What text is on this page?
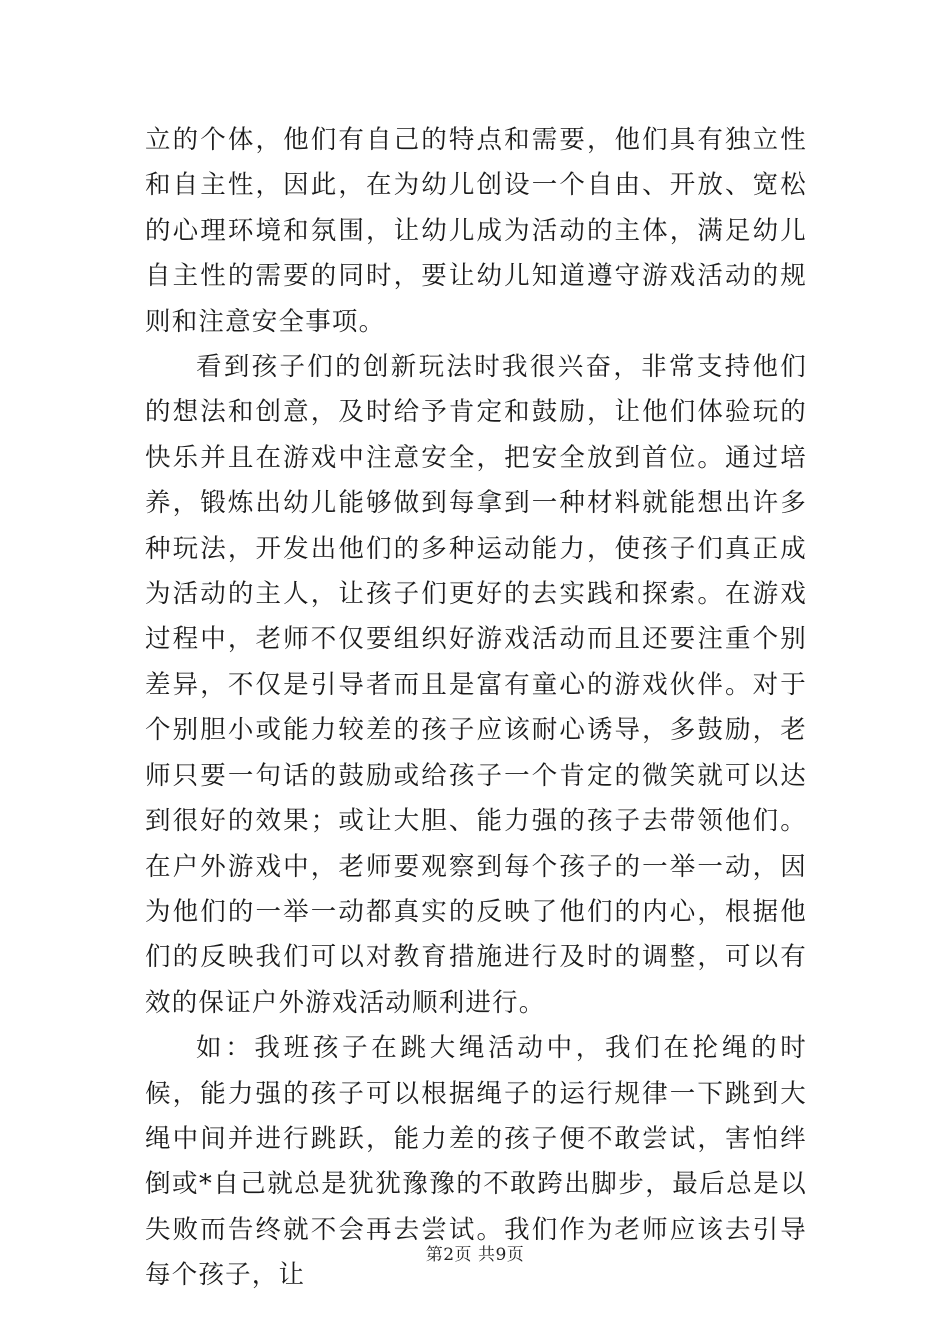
立的个体，他们有自己的特点和需要，他们具有独立性和自主性，因此，在为幼儿创设一个自由、开放、宽松的心理环境和氛围，让幼儿成为活动的主体，满足幼儿自主性的需要的同时，要让幼儿知道遵守游戏活动的规则和注意安全事项。

看到孩子们的创新玩法时我很兴奋，非常支持他们的想法和创意，及时给予肯定和鼓励，让他们体验玩的快乐并且在游戏中注意安全，把安全放到首位。通过培养，锻炼出幼儿能够做到每拿到一种材料就能想出许多种玩法，开发出他们的多种运动能力，使孩子们真正成为活动的主人，让孩子们更好的去实践和探索。在游戏过程中，老师不仅要组织好游戏活动而且还要注重个别差异，不仅是引导者而且是富有童心的游戏伙伴。对于个别胆小或能力较差的孩子应该耐心诱导，多鼓励，老师只要一句话的鼓励或给孩子一个肯定的微笑就可以达到很好的效果；或让大胆、能力强的孩子去带领他们。在户外游戏中，老师要观察到每个孩子的一举一动，因为他们的一举一动都真实的反映了他们的内心，根据他们的反映我们可以对教育措施进行及时的调整，可以有效的保证户外游戏活动顺利进行。

如：我班孩子在跳大绳活动中，我们在抡绳的时候，能力强的孩子可以根据绳子的运行规律一下跳到大绳中间并进行跳跃，能力差的孩子便不敢尝试，害怕绊倒或*自己就总是犹犹豫豫的不敢跨出脚步，最后总是以失败而告终就不会再去尝试。我们作为老师应该去引导每个孩子，让

第2页 共9页
